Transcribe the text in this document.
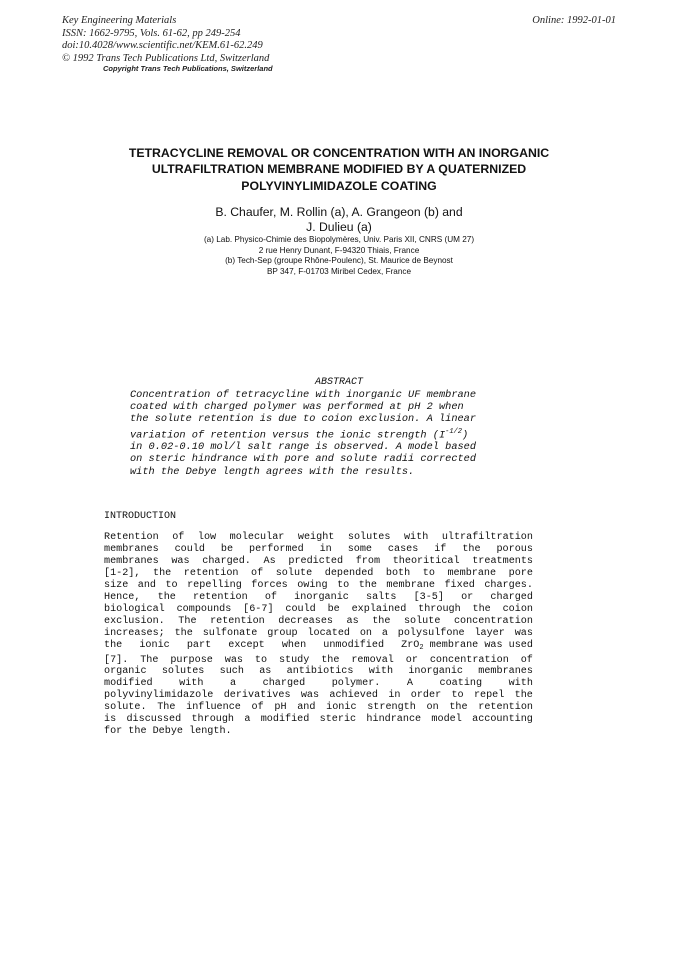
Key Engineering Materials
ISSN: 1662-9795, Vols. 61-62, pp 249-254
doi:10.4028/www.scientific.net/KEM.61-62.249
© 1992 Trans Tech Publications Ltd, Switzerland
Online: 1992-01-01
Copyright Trans Tech Publications, Switzerland
TETRACYCLINE REMOVAL OR CONCENTRATION WITH AN INORGANIC
ULTRAFILTRATION MEMBRANE MODIFIED BY A QUATERNIZED
POLYVINYLIMIDAZOLE COATING
B. Chaufer, M. Rollin (a), A. Grangeon (b) and
J. Dulieu (a)
(a) Lab. Physico-Chimie des Biopolymères, Univ. Paris XII, CNRS (UM 27)
2 rue Henry Dunant, F-94320 Thiais, France
(b) Tech-Sep (groupe Rhône-Poulenc), St. Maurice de Beynost
BP 347, F-01703 Miribel Cedex, France
ABSTRACT
Concentration of tetracycline with inorganic UF membrane
coated with charged polymer was performed at pH 2 when
the solute retention is due to coion exclusion. A linear
variation of retention versus the ionic strength $(I^{-1/2})$
in 0.02-0.10 mol/l salt range is observed. A model based
on steric hindrance with pore and solute radii corrected
with the Debye length agrees with the results.
INTRODUCTION
Retention of low molecular weight solutes with ultrafiltration
membranes could be performed in some cases if the porous
membranes was charged. As predicted from theoritical treatments
[1-2], the retention of solute depended both to membrane pore
size and to repelling forces owing to the membrane fixed charges.
Hence, the retention of inorganic salts [3-5] or charged
biological compounds [6-7] could be explained through the coion
exclusion. The retention decreases as the solute concentration
increases; the sulfonate group located on a polysulfone layer was
the ionic part except when unmodified ZrO$_2$ membrane was used
[7]. The purpose was to study the removal or concentration of
organic solutes such as antibiotics with inorganic membranes
modified	with	a	charged	polymer.	A	coating	with
polyvinylimidazole derivatives was achieved in order to repel the
solute. The influence of pH and ionic strength on the retention
is discussed through a modified steric hindrance model accounting
for the Debye length.
